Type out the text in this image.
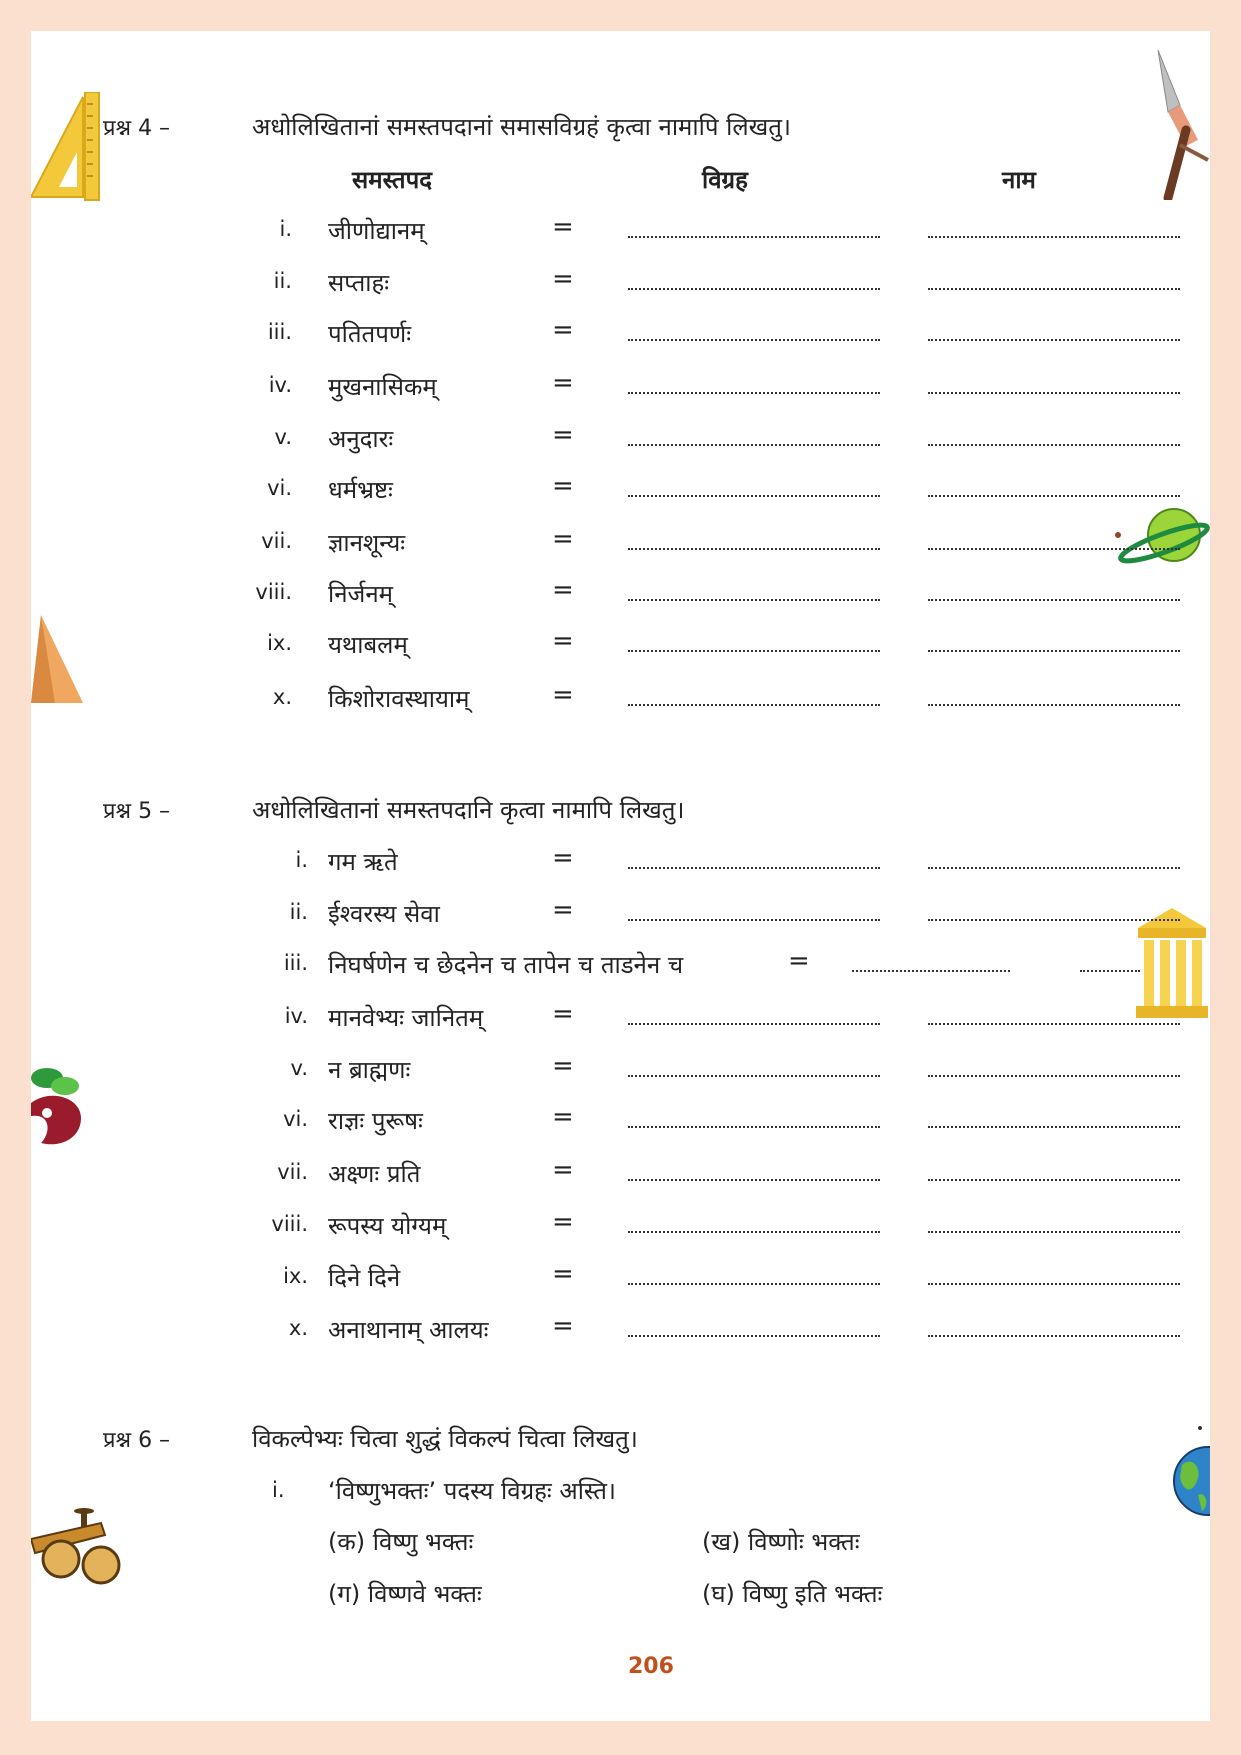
प्रश्न 4 –	अधोलिखितानां समस्तपदानां समासविग्रहं कृत्वा नामापि लिखतु।
समस्तपद	विग्रह	नाम
i. जीणोद्यानम्	=
ii. सप्ताहः	=
iii. पतितपर्णः	=
iv. मुखनासिकम्	=
v. अनुदारः	=
vi. धर्मभ्रष्टः	=
vii. ज्ञानशून्यः	=
viii. निर्जनम्	=
ix. यथाबलम्	=
x. किशोरावस्थायाम्	=
प्रश्न 5 –	अधोलिखितानां समस्तपदानि कृत्वा नामापि लिखतु।
i. गम ऋते	=
ii. ईश्वरस्य सेवा	=
iii. निघर्षणेन च छेदनेन च तापेन च ताडनेन च	=
iv. मानवेभ्यः जानितम्	=
v. न ब्राह्मणः	=
vi. राज्ञः पुरूषः	=
vii. अक्ष्णः प्रति	=
viii. रूपस्य योग्यम्	=
ix. दिने दिने	=
x. अनाथानाम् आलयः =
प्रश्न 6 –	विकल्पेभ्यः चित्वा शुद्धं विकल्पं चित्वा लिखतु।
i.	‘विष्णुभक्तः’ पदस्य विग्रहः अस्ति।
(क) विष्णु भक्तः	(ख) विष्णोः भक्तः
(ग) विष्णवे भक्तः	(घ) विष्णु इति भक्तः
206
